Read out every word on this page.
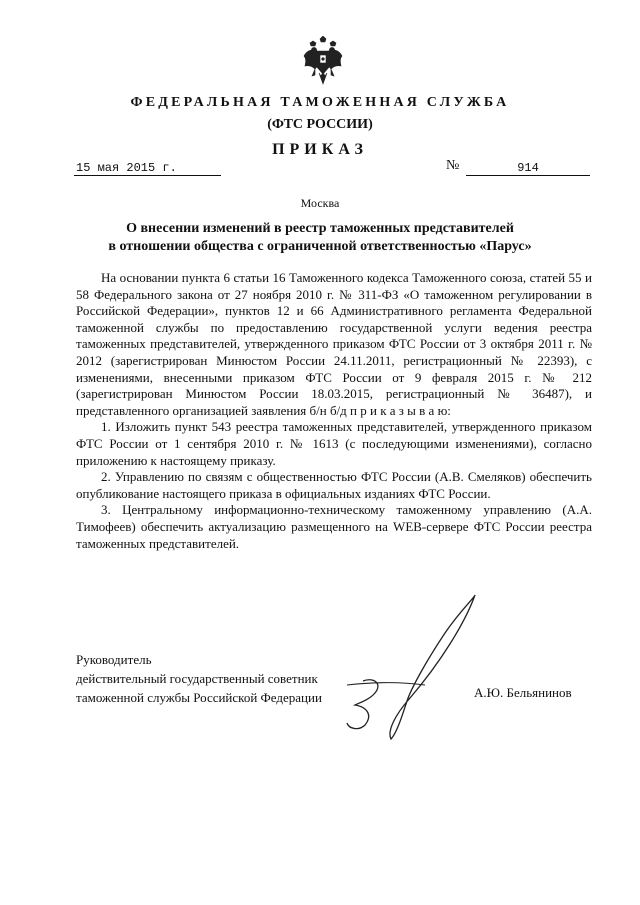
ФЕДЕРАЛЬНАЯ ТАМОЖЕННАЯ СЛУЖБА
(ФТС РОССИИ)
ПРИКАЗ
15 мая 2015 г.	№	914
Москва
О внесении изменений в реестр таможенных представителей
в отношении общества с ограниченной ответственностью «Парус»

На основании пункта 6 статьи 16 Таможенного кодекса Таможенного союза, статей 55 и 58 Федерального закона от 27 ноября 2010 г. № 311-ФЗ «О таможенном регулировании в Российской Федерации», пунктов 12 и 66 Административного регламента Федеральной таможенной службы по предоставлению государственной услуги ведения реестра таможенных представителей, утвержденного приказом ФТС России от 3 октября 2011 г. № 2012 (зарегистрирован Минюстом России 24.11.2011, регистрационный № 22393), с изменениями, внесенными приказом ФТС России от 9 февраля 2015 г. № 212 (зарегистрирован Минюстом России 18.03.2015, регистрационный № 36487), и представленного организацией заявления б/н б/д п р и к а з ы в а ю:

1. Изложить пункт 543 реестра таможенных представителей, утвержденного приказом ФТС России от 1 сентября 2010 г. № 1613 (с последующими изменениями), согласно приложению к настоящему приказу.

2. Управлению по связям с общественностью ФТС России (А.В. Смеляков) обеспечить опубликование настоящего приказа в официальных изданиях ФТС России.

3. Центральному информационно-техническому таможенному управлению (А.А. Тимофеев) обеспечить актуализацию размещенного на WEB-сервере ФТС России реестра таможенных представителей.

Руководитель
действительный государственный советник
таможенной службы Российской Федерации	А.Ю. Бельянинов
